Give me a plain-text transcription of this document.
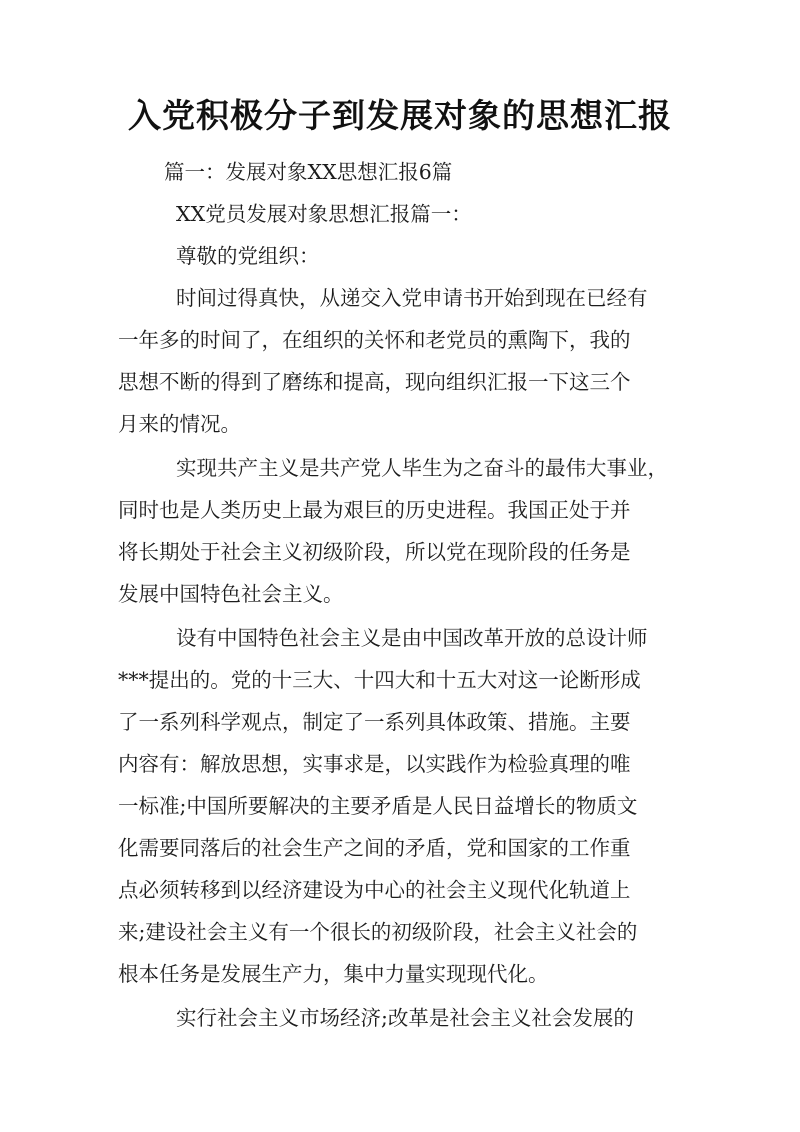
入党积极分子到发展对象的思想汇报

篇一：发展对象XX思想汇报6篇

XX党员发展对象思想汇报篇一：

尊敬的党组织：

时间过得真快，从递交入党申请书开始到现在已经有

一年多的时间了，在组织的关怀和老党员的熏陶下，我的

思想不断的得到了磨练和提高，现向组织汇报一下这三个

月来的情况。

实现共产主义是共产党人毕生为之奋斗的最伟大事业，

同时也是人类历史上最为艰巨的历史进程。我国正处于并

将长期处于社会主义初级阶段，所以党在现阶段的任务是

发展中国特色社会主义。

设有中国特色社会主义是由中国改革开放的总设计师

***提出的。党的十三大、十四大和十五大对这一论断形成

了一系列科学观点，制定了一系列具体政策、措施。主要

内容有：解放思想，实事求是，以实践作为检验真理的唯

一标准;中国所要解决的主要矛盾是人民日益增长的物质文

化需要同落后的社会生产之间的矛盾，党和国家的工作重

点必须转移到以经济建设为中心的社会主义现代化轨道上

来;建设社会主义有一个很长的初级阶段，社会主义社会的

根本任务是发展生产力，集中力量实现现代化。

实行社会主义市场经济;改革是社会主义社会发展的
